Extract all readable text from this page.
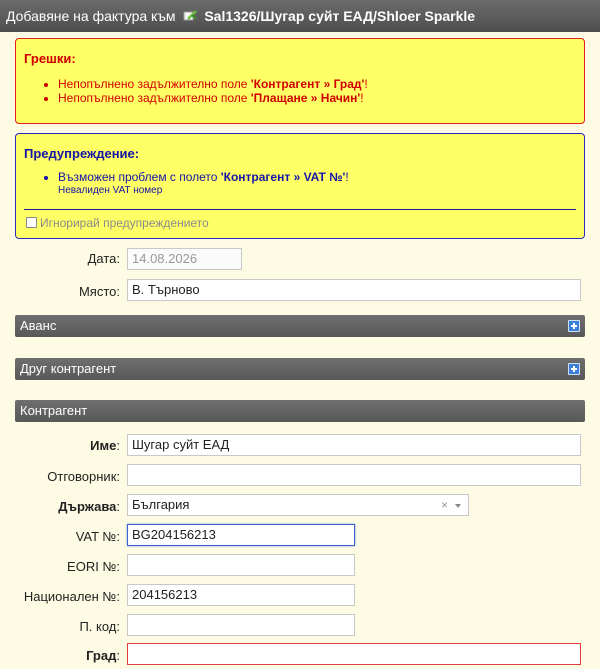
Добавяне на фактура към Sal1326/Шугар суйт ЕАД/Shloer Sparkle
Грешки:
• Непопълнено задължително поле 'Контрагент » Град'!
• Непопълнено задължително поле 'Плащане » Начин'!
Предупреждение:
• Възможен проблем с полето 'Контрагент » VAT №'!
Невалиден VAT номер
Игнорирай предупреждението
Дата: 14.08.2026
Място: В. Търново
Аванс
Друг контрагент
Контрагент
Име: Шугар суйт ЕАД
Отговорник:
Държава: България	×
VAT №: BG204156213
EORI №:
Национален №: 204156213
П. код:
Град:
